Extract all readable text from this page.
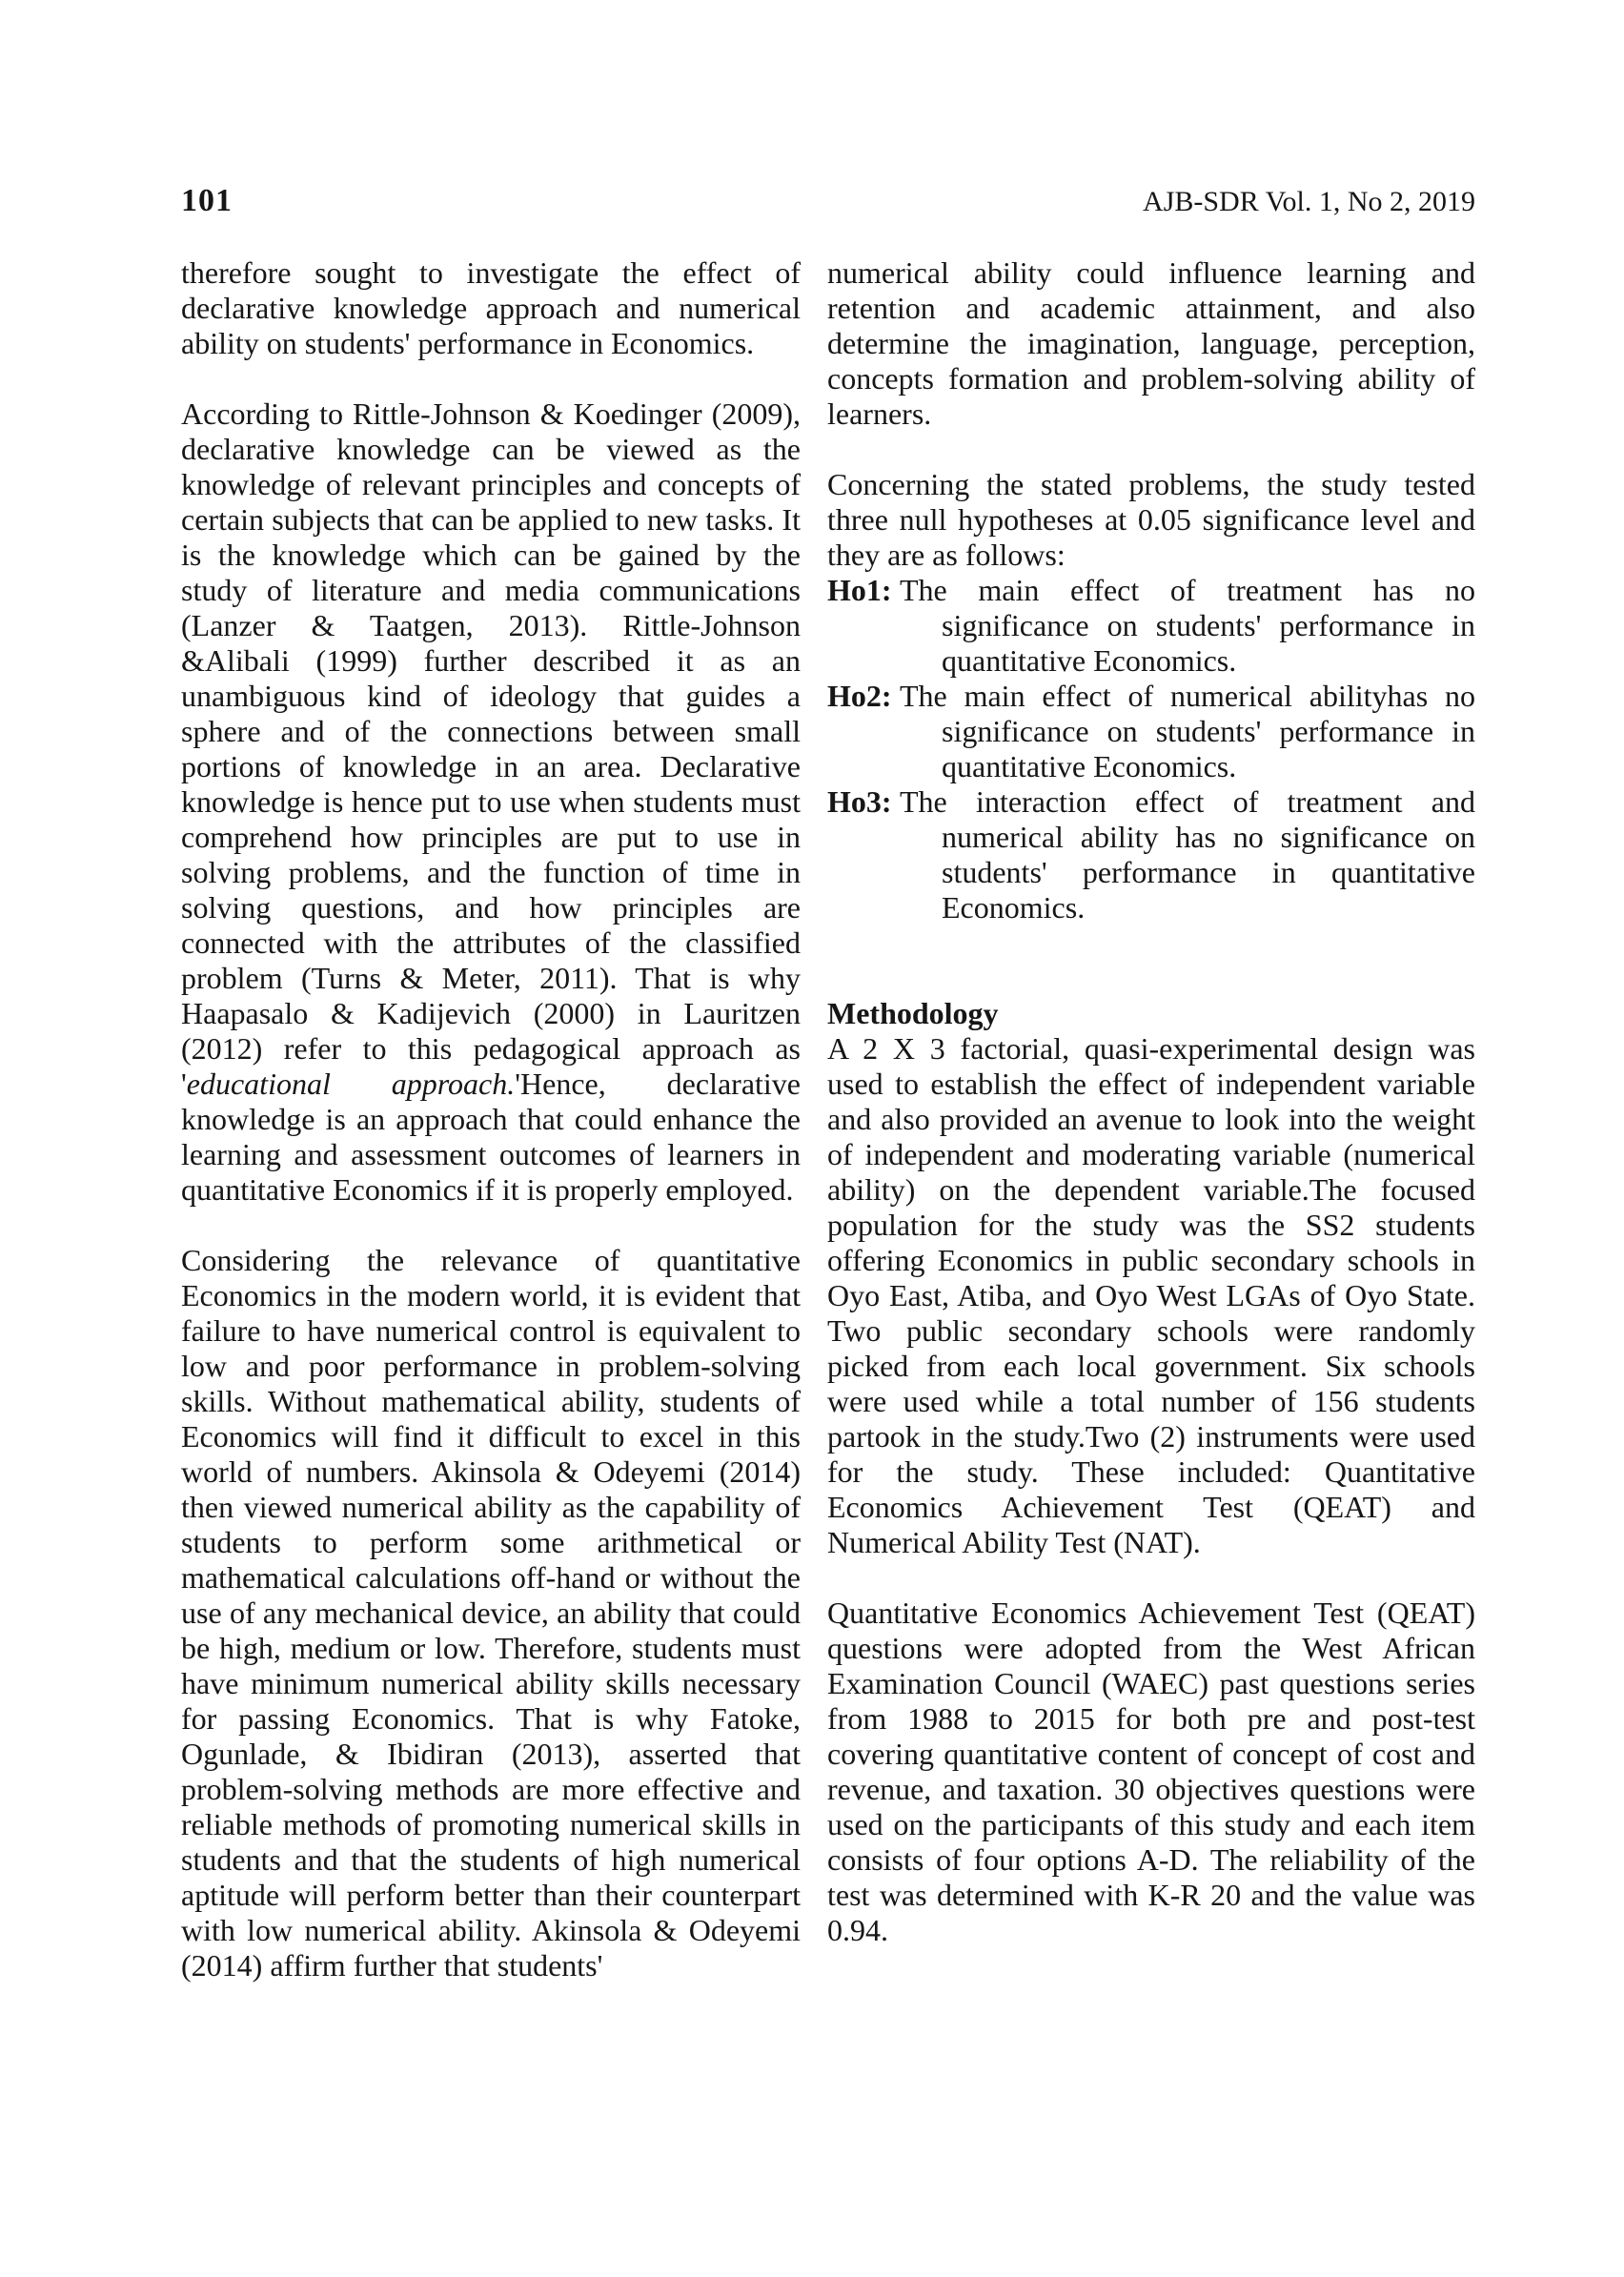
101	AJB-SDR Vol. 1, No 2, 2019

therefore sought to investigate the effect of declarative knowledge approach and numerical ability on students' performance in Economics.

According to Rittle-Johnson & Koedinger (2009), declarative knowledge can be viewed as the knowledge of relevant principles and concepts of certain subjects that can be applied to new tasks. It is the knowledge which can be gained by the study of literature and media communications (Lanzer & Taatgen, 2013). Rittle-Johnson &Alibali (1999) further described it as an unambiguous kind of ideology that guides a sphere and of the connections between small portions of knowledge in an area. Declarative knowledge is hence put to use when students must comprehend how principles are put to use in solving problems, and the function of time in solving questions, and how principles are connected with the attributes of the classified problem (Turns & Meter, 2011). That is why Haapasalo & Kadijevich (2000) in Lauritzen (2012) refer to this pedagogical approach as 'educational approach.'Hence, declarative knowledge is an approach that could enhance the learning and assessment outcomes of learners in quantitative Economics if it is properly employed.

Considering the relevance of quantitative Economics in the modern world, it is evident that failure to have numerical control is equivalent to low and poor performance in problem-solving skills. Without mathematical ability, students of Economics will find it difficult to excel in this world of numbers. Akinsola & Odeyemi (2014) then viewed numerical ability as the capability of students to perform some arithmetical or mathematical calculations off-hand or without the use of any mechanical device, an ability that could be high, medium or low. Therefore, students must have minimum numerical ability skills necessary for passing Economics. That is why Fatoke, Ogunlade, & Ibidiran (2013), asserted that problem-solving methods are more effective and reliable methods of promoting numerical skills in students and that the students of high numerical aptitude will perform better than their counterpart with low numerical ability. Akinsola & Odeyemi (2014) affirm further that students'

numerical ability could influence learning and retention and academic attainment, and also determine the imagination, language, perception, concepts formation and problem-solving ability of learners.

Concerning the stated problems, the study tested three null hypotheses at 0.05 significance level and they are as follows:

Ho1: The main effect of treatment has no significance on students' performance in quantitative Economics.
Ho2: The main effect of numerical abilityhas no significance on students' performance in quantitative Economics.
Ho3: The interaction effect of treatment and numerical ability has no significance on students' performance in quantitative Economics.
Methodology

A 2 X 3 factorial, quasi-experimental design was used to establish the effect of independent variable and also provided an avenue to look into the weight of independent and moderating variable (numerical ability) on the dependent variable.The focused population for the study was the SS2 students offering Economics in public secondary schools in Oyo East, Atiba, and Oyo West LGAs of Oyo State. Two public secondary schools were randomly picked from each local government. Six schools were used while a total number of 156 students partook in the study.Two (2) instruments were used for the study. These included: Quantitative Economics Achievement Test (QEAT) and Numerical Ability Test (NAT).

Quantitative Economics Achievement Test (QEAT) questions were adopted from the West African Examination Council (WAEC) past questions series from 1988 to 2015 for both pre and post-test covering quantitative content of concept of cost and revenue, and taxation. 30 objectives questions were used on the participants of this study and each item consists of four options A-D. The reliability of the test was determined with K-R 20 and the value was 0.94.
